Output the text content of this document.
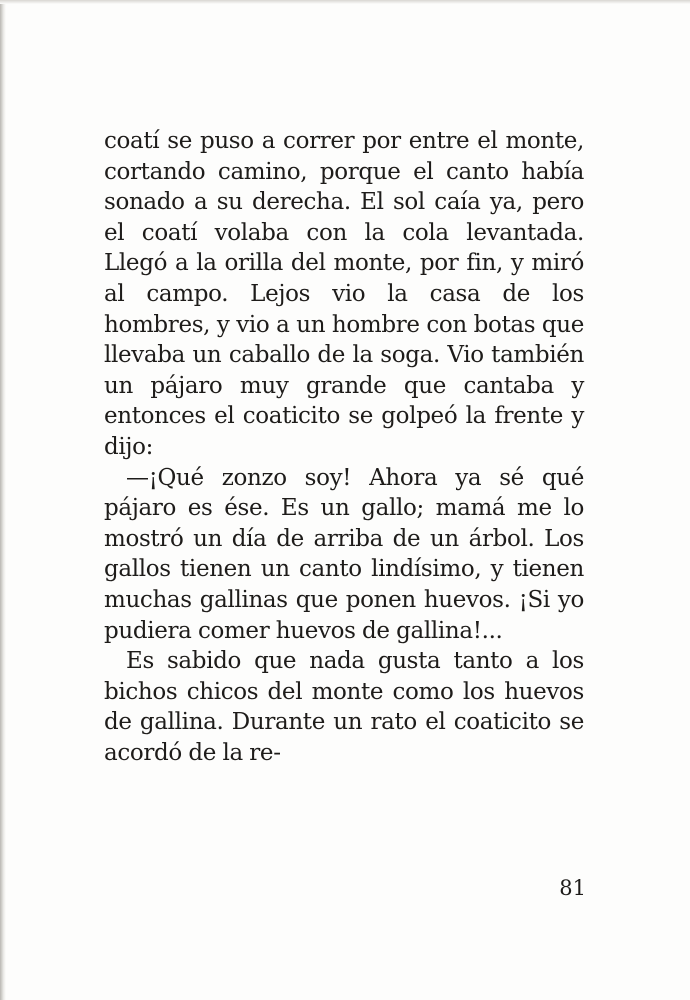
coatí se puso a correr por entre el monte, cortando camino, porque el canto había sonado a su derecha. El sol caía ya, pero el coatí volaba con la cola levantada. Llegó a la orilla del monte, por fin, y miró al campo. Lejos vio la casa de los hombres, y vio a un hombre con botas que llevaba un caballo de la soga. Vio también un pájaro muy grande que cantaba y entonces el coaticito se golpeó la frente y dijo:

—¡Qué zonzo soy! Ahora ya sé qué pájaro es ése. Es un gallo; mamá me lo mostró un día de arriba de un árbol. Los gallos tienen un canto lindísimo, y tienen muchas gallinas que ponen huevos. ¡Si yo pudiera comer huevos de gallina!...

Es sabido que nada gusta tanto a los bichos chicos del monte como los huevos de gallina. Durante un rato el coaticito se acordó de la re-

81
